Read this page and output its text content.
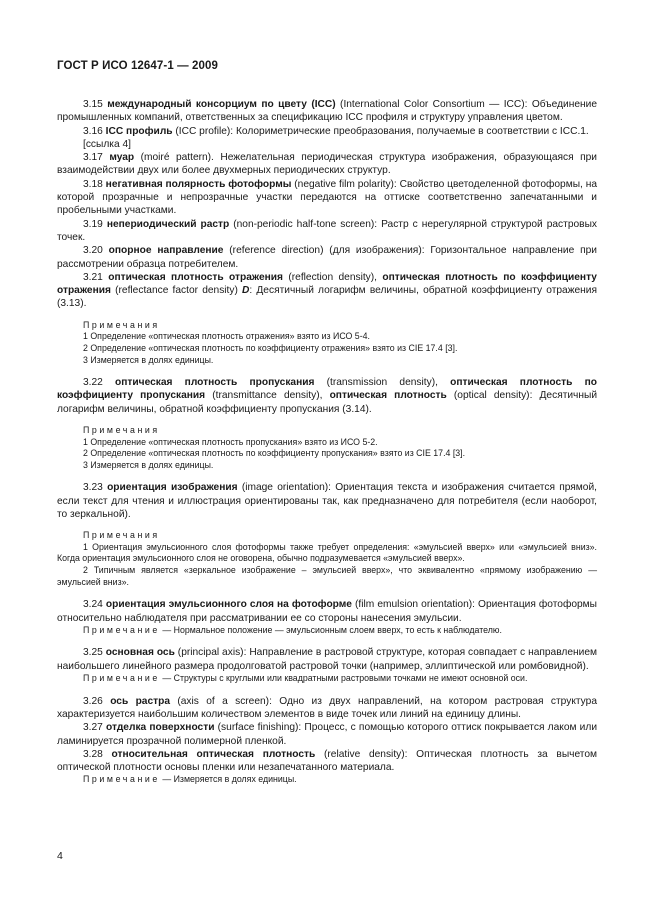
ГОСТ Р ИСО 12647-1 — 2009

3.15 международный консорциум по цвету (ICC) (International Color Consortium — ICC): Объединение промышленных компаний, ответственных за спецификацию ICC профиля и структуру управления цветом.

3.16 ICC профиль (ICC profile): Колориметрические преобразования, получаемые в соответствии с ICC.1.

[ссылка 4]

3.17 муар (moiré pattern). Нежелательная периодическая структура изображения, образующаяся при взаимодействии двух или более двухмерных периодических структур.

3.18 негативная полярность фотоформы (negative film polarity): Свойство цветоделенной фотоформы, на которой прозрачные и непрозрачные участки передаются на оттиске соответственно запечатанными и пробельными участками.

3.19 непериодический растр (non-periodic half-tone screen): Растр с нерегулярной структурой растровых точек.

3.20 опорное направление (reference direction) (для изображения): Горизонтальное направление при рассмотрении образца потребителем.

3.21 оптическая плотность отражения (reflection density), оптическая плотность по коэффициенту отражения (reflectance factor density) D: Десятичный логарифм величины, обратной коэффициенту отражения (3.13).

Примечания
1 Определение «оптическая плотность отражения» взято из ИСО 5-4.
2 Определение «оптическая плотность по коэффициенту отражения» взято из CIE 17.4 [3].
3 Измеряется в долях единицы.

3.22 оптическая плотность пропускания (transmission density), оптическая плотность по коэффициенту пропускания (transmittance density), оптическая плотность (optical density): Десятичный логарифм величины, обратной коэффициенту пропускания (3.14).

Примечания
1 Определение «оптическая плотность пропускания» взято из ИСО 5-2.
2 Определение «оптическая плотность по коэффициенту пропускания» взято из CIE 17.4 [3].
3 Измеряется в долях единицы.

3.23 ориентация изображения (image orientation): Ориентация текста и изображения считается прямой, если текст для чтения и иллюстрация ориентированы так, как предназначено для потребителя (если наоборот, то зеркальной).

Примечания
1 Ориентация эмульсионного слоя фотоформы также требует определения: «эмульсией вверх» или «эмульсией вниз». Когда ориентация эмульсионного слоя не оговорена, обычно подразумевается «эмульсией вверх».
2 Типичным является «зеркальное изображение – эмульсией вверх», что эквивалентно «прямому изображению — эмульсией вниз».

3.24 ориентация эмульсионного слоя на фотоформе (film emulsion orientation): Ориентация фотоформы относительно наблюдателя при рассматривании ее со стороны нанесения эмульсии.

Примечание — Нормальное положение — эмульсионным слоем вверх, то есть к наблюдателю.

3.25 основная ось (principal axis): Направление в растровой структуре, которая совпадает с направлением наибольшего линейного размера продолговатой растровой точки (например, эллиптической или ромбовидной).

Примечание — Структуры с круглыми или квадратными растровыми точками не имеют основной оси.

3.26 ось растра (axis of a screen): Одно из двух направлений, на котором растровая структура характеризуется наибольшим количеством элементов в виде точек или линий на единицу длины.

3.27 отделка поверхности (surface finishing): Процесс, с помощью которого оттиск покрывается лаком или ламинируется прозрачной полимерной пленкой.

3.28 относительная оптическая плотность (relative density): Оптическая плотность за вычетом оптической плотности основы пленки или незапечатанного материала.

Примечание — Измеряется в долях единицы.

4
